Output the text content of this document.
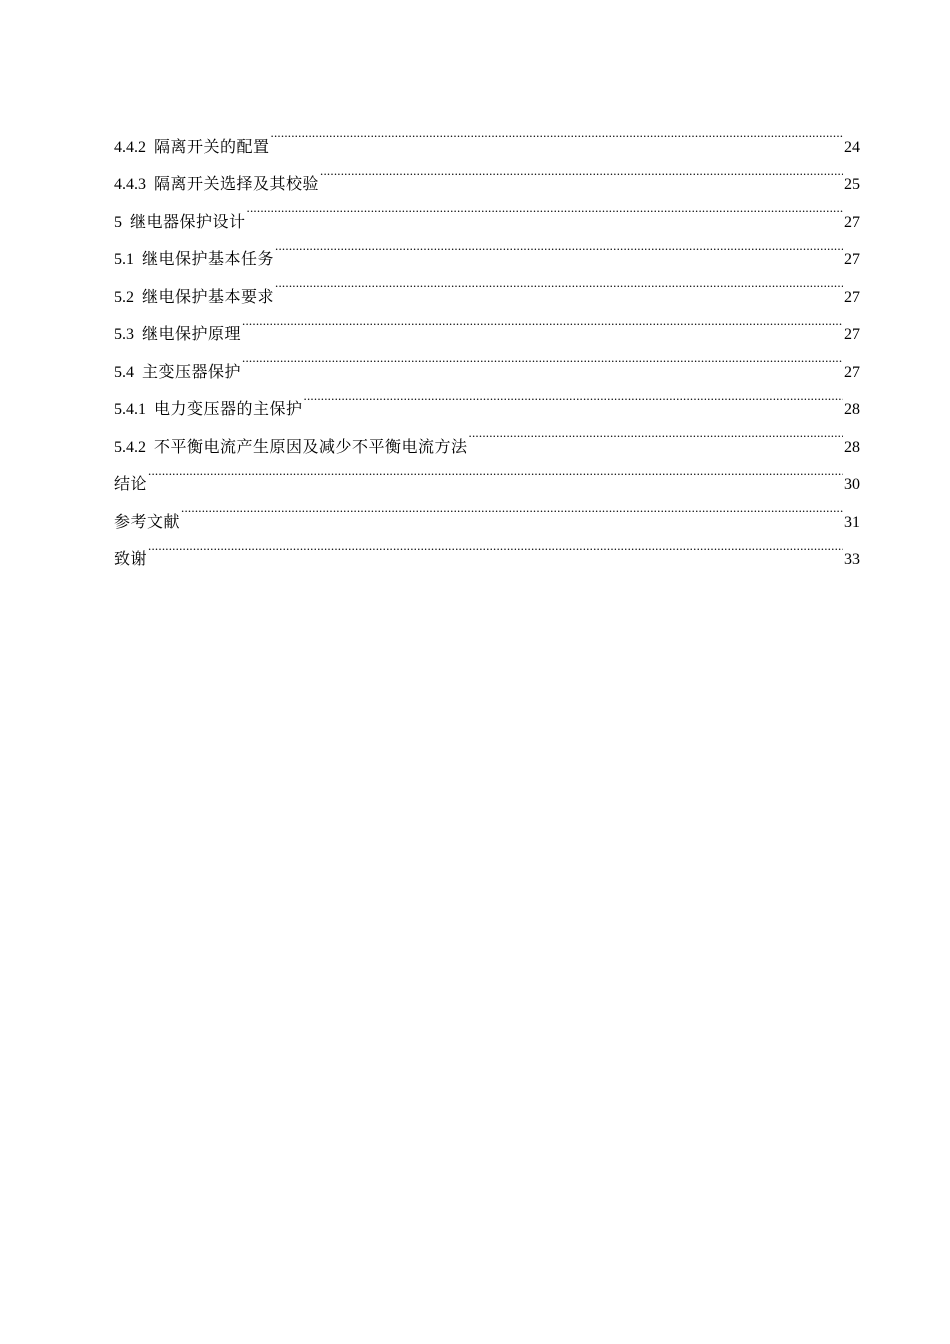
4.4.2 隔离开关的配置 .....	24
4.4.3 隔离开关选择及其校验 .....	25
5 继电器保护设计 .....	27
5.1 继电保护基本任务 .....	27
5.2 继电保护基本要求 .....	27
5.3 继电保护原理 .....	27
5.4 主变压器保护 .....	27
5.4.1 电力变压器的主保护 .....	28
5.4.2 不平衡电流产生原因及减少不平衡电流方法 .....	28
结论 .....	30
参考文献 .....	31
致谢 .....	33
